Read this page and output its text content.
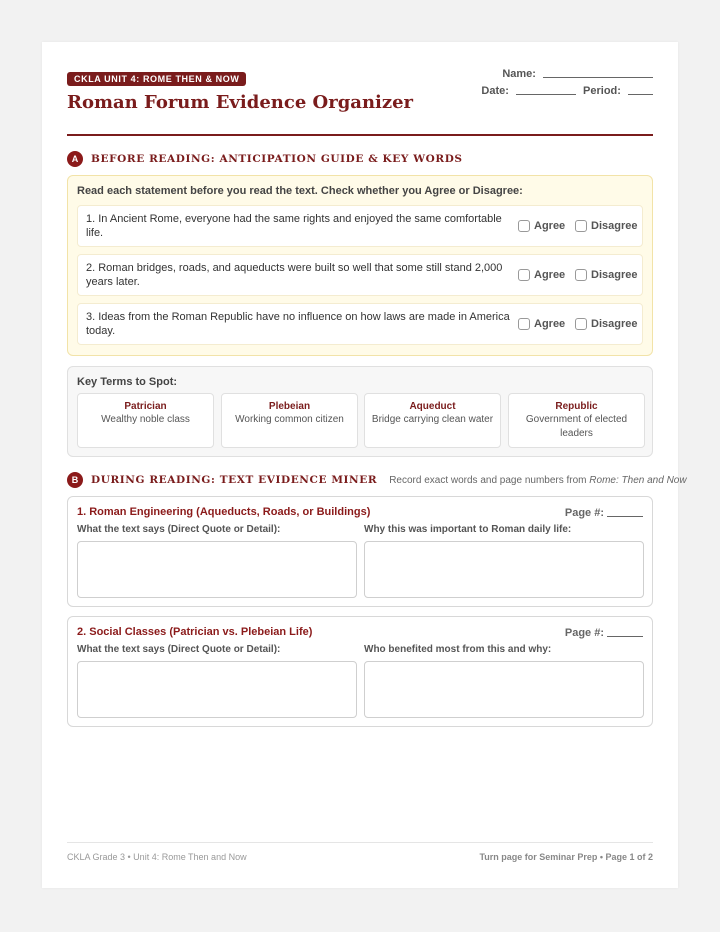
CKLA UNIT 4: ROME THEN & NOW
Roman Forum Evidence Organizer
Name:
Date:	Period:
A	BEFORE READING: ANTICIPATION GUIDE & KEY WORDS
Read each statement before you read the text. Check whether you Agree or Disagree:
1. In Ancient Rome, everyone had the same rights and enjoyed the same comfortable life.
Agree Disagree
2. Roman bridges, roads, and aqueducts were built so well that some still stand 2,000 years later.
Agree Disagree
3. Ideas from the Roman Republic have no influence on how laws are made in America today.
Agree Disagree
Key Terms to Spot:
Patrician
Wealthy noble class
Plebeian
Working common citizen
Aqueduct
Bridge carrying clean water
Republic
Government of elected leaders
B	DURING READING: TEXT EVIDENCE MINER Record exact words and page numbers from Rome: Then and Now
1. Roman Engineering (Aqueducts, Roads, or Buildings)	Page #:
What the text says (Direct Quote or Detail):	Why this was important to Roman daily life:
2. Social Classes (Patrician vs. Plebeian Life)	Page #:
What the text says (Direct Quote or Detail):	Who benefited most from this and why:
CKLA Grade 3 • Unit 4: Rome Then and Now	Turn page for Seminar Prep • Page 1 of 2
